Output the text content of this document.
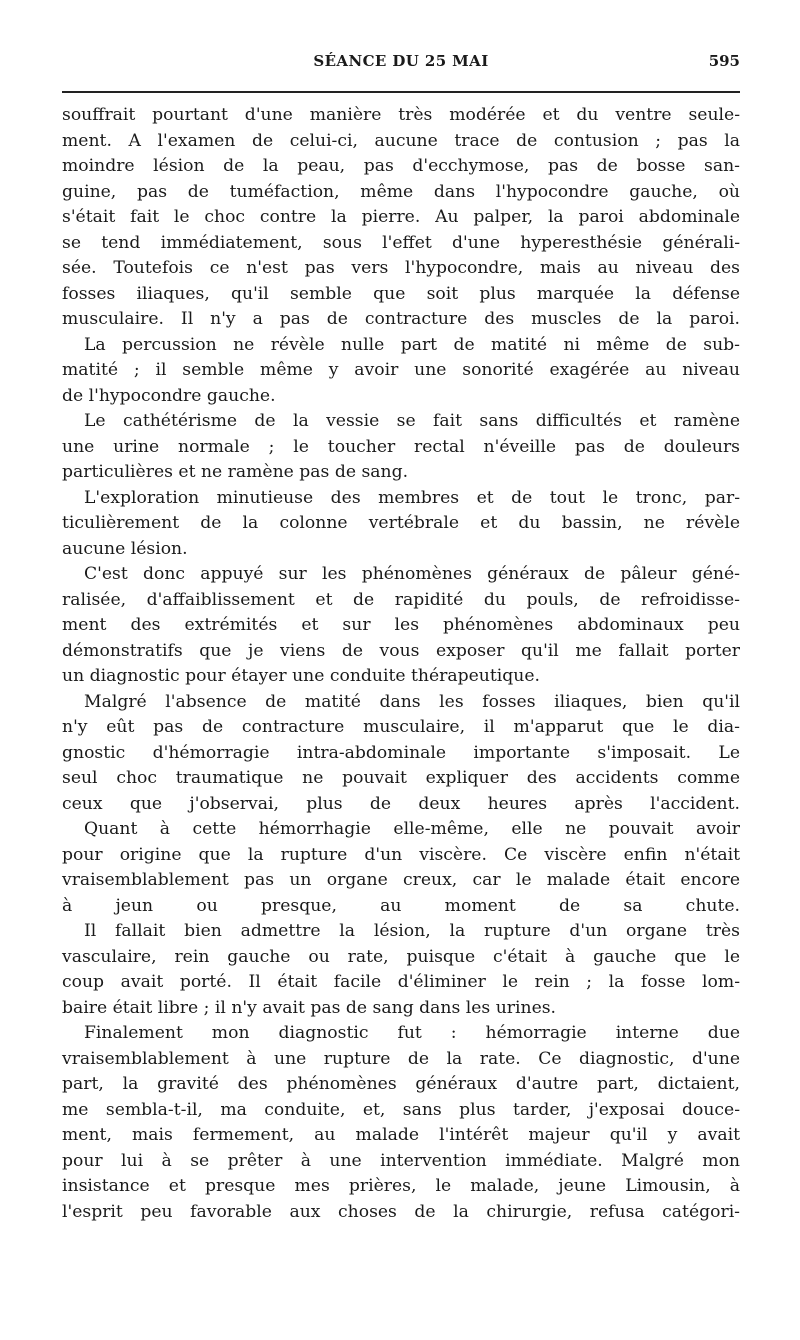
SÉANCE DU 25 MAI	595
souffrait pourtant d'une manière très modérée et du ventre seule-
ment. A l'examen de celui-ci, aucune trace de contusion ; pas la
moindre lésion de la peau, pas d'ecchymose, pas de bosse san-
guine, pas de tuméfaction, même dans l'hypocondre gauche, où
s'était fait le choc contre la pierre. Au palper, la paroi abdominale
se tend immédiatement, sous l'effet d'une hyperesthésie générali-
sée. Toutefois ce n'est pas vers l'hypocondre, mais au niveau des
fosses iliaques, qu'il semble que soit plus marquée la défense
musculaire. Il n'y a pas de contracture des muscles de la paroi.
La percussion ne révèle nulle part de matité ni même de sub-
matité ; il semble même y avoir une sonorité exagérée au niveau
de l'hypocondre gauche.
Le cathétérisme de la vessie se fait sans difficultés et ramène
une urine normale ; le toucher rectal n'éveille pas de douleurs
particulières et ne ramène pas de sang.
L'exploration minutieuse des membres et de tout le tronc, par-
ticulièrement de la colonne vertébrale et du bassin, ne révèle
aucune lésion.
C'est donc appuyé sur les phénomènes généraux de pâleur géné-
ralisée, d'affaiblissement et de rapidité du pouls, de refroidisse-
ment des extrémités et sur les phénomènes abdominaux peu
démonstratifs que je viens de vous exposer qu'il me fallait porter
un diagnostic pour étayer une conduite thérapeutique.
Malgré l'absence de matité dans les fosses iliaques, bien qu'il
n'y eût pas de contracture musculaire, il m'apparut que le dia-
gnostic d'hémorragie intra-abdominale importante s'imposait. Le
seul choc traumatique ne pouvait expliquer des accidents comme
ceux que j'observai, plus de deux heures après l'accident.
Quant à cette hémorrhagie elle-même, elle ne pouvait avoir
pour origine que la rupture d'un viscère. Ce viscère enfin n'était
vraisemblablement pas un organe creux, car le malade était encore
à jeun ou presque, au moment de sa chute.
Il fallait bien admettre la lésion, la rupture d'un organe très
vasculaire, rein gauche ou rate, puisque c'était à gauche que le
coup avait porté. Il était facile d'éliminer le rein ; la fosse lom-
baire était libre ; il n'y avait pas de sang dans les urines.
Finalement mon diagnostic fut : hémorragie interne due
vraisemblablement à une rupture de la rate. Ce diagnostic, d'une
part, la gravité des phénomènes généraux d'autre part, dictaient,
me sembla-t-il, ma conduite, et, sans plus tarder, j'exposai douce-
ment, mais fermement, au malade l'intérêt majeur qu'il y avait
pour lui à se prêter à une intervention immédiate. Malgré mon
insistance et presque mes prières, le malade, jeune Limousin, à
l'esprit peu favorable aux choses de la chirurgie, refusa catégori-
